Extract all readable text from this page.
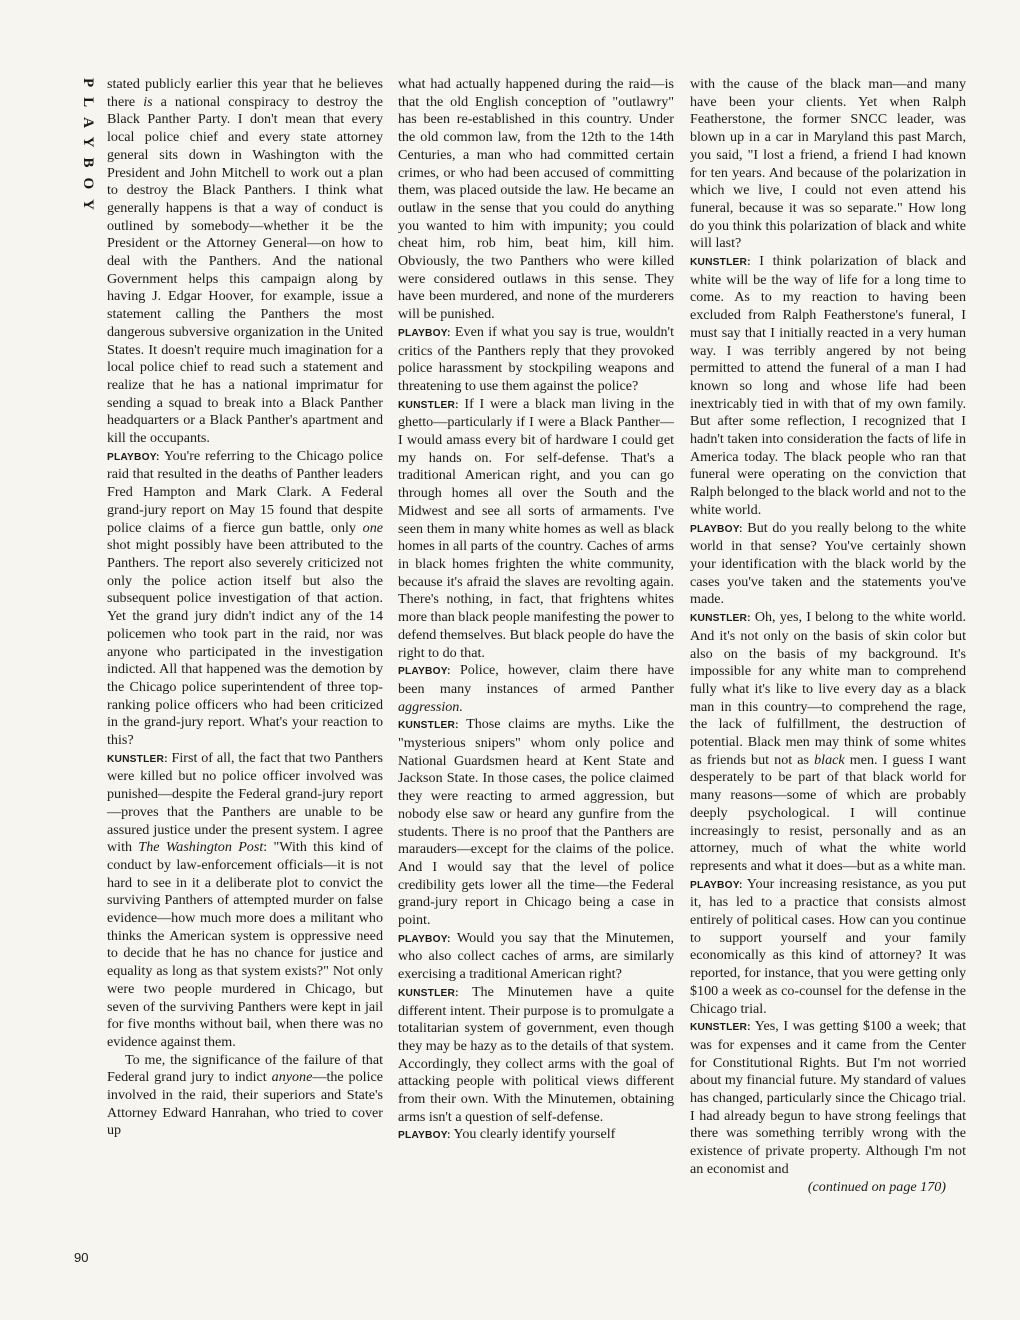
PLAYBOY stated publicly earlier this year that he believes there is a national conspiracy to destroy the Black Panther Party. I don't mean that every local police chief and every state attorney general sits down in Washington with the President and John Mitchell to work out a plan to destroy the Black Panthers. I think what generally happens is that a way of conduct is outlined by somebody—whether it be the President or the Attorney General—on how to deal with the Panthers. And the national Government helps this campaign along by having J. Edgar Hoover, for example, issue a statement calling the Panthers the most dangerous subversive organization in the United States. It doesn't require much imagination for a local police chief to read such a statement and realize that he has a national imprimatur for sending a squad to break into a Black Panther headquarters or a Black Panther's apartment and kill the occupants.

PLAYBOY: You're referring to the Chicago police raid that resulted in the deaths of Panther leaders Fred Hampton and Mark Clark. A Federal grand-jury report on May 15 found that despite police claims of a fierce gun battle, only one shot might possibly have been attributed to the Panthers. The report also severely criticized not only the police action itself but also the subsequent police investigation of that action. Yet the grand jury didn't indict any of the 14 policemen who took part in the raid, nor was anyone who participated in the investigation indicted. All that happened was the demotion by the Chicago police superintendent of three top-ranking police officers who had been criticized in the grand-jury report. What's your reaction to this?

KUNSTLER: First of all, the fact that two Panthers were killed but no police officer involved was punished—despite the Federal grand-jury report—proves that the Panthers are unable to be assured justice under the present system. I agree with The Washington Post: "With this kind of conduct by law-enforcement officials—it is not hard to see in it a deliberate plot to convict the surviving Panthers of attempted murder on false evidence—how much more does a militant who thinks the American system is oppressive need to decide that he has no chance for justice and equality as long as that system exists?" Not only were two people murdered in Chicago, but seven of the surviving Panthers were kept in jail for five months without bail, when there was no evidence against them.

To me, the significance of the failure of that Federal grand jury to indict anyone—the police involved in the raid, their superiors and State's Attorney Edward Hanrahan, who tried to cover up

what had actually happened during the raid—is that the old English conception of "outlawry" has been re-established in this country. Under the old common law, from the 12th to the 14th Centuries, a man who had committed certain crimes, or who had been accused of committing them, was placed outside the law. He became an outlaw in the sense that you could do anything you wanted to him with impunity; you could cheat him, rob him, beat him, kill him. Obviously, the two Panthers who were killed were considered outlaws in this sense. They have been murdered, and none of the murderers will be punished.

PLAYBOY: Even if what you say is true, wouldn't critics of the Panthers reply that they provoked police harassment by stockpiling weapons and threatening to use them against the police?

KUNSTLER: If I were a black man living in the ghetto—particularly if I were a Black Panther—I would amass every bit of hardware I could get my hands on. For self-defense. That's a traditional American right, and you can go through homes all over the South and the Midwest and see all sorts of armaments. I've seen them in many white homes as well as black homes in all parts of the country. Caches of arms in black homes frighten the white community, because it's afraid the slaves are revolting again. There's nothing, in fact, that frightens whites more than black people manifesting the power to defend themselves. But black people do have the right to do that.

PLAYBOY: Police, however, claim there have been many instances of armed Panther aggression.

KUNSTLER: Those claims are myths. Like the "mysterious snipers" whom only police and National Guardsmen heard at Kent State and Jackson State. In those cases, the police claimed they were reacting to armed aggression, but nobody else saw or heard any gunfire from the students. There is no proof that the Panthers are marauders—except for the claims of the police. And I would say that the level of police credibility gets lower all the time—the Federal grand-jury report in Chicago being a case in point.

PLAYBOY: Would you say that the Minutemen, who also collect caches of arms, are similarly exercising a traditional American right?

KUNSTLER: The Minutemen have a quite different intent. Their purpose is to promulgate a totalitarian system of government, even though they may be hazy as to the details of that system. Accordingly, they collect arms with the goal of attacking people with political views different from their own. With the Minutemen, obtaining arms isn't a question of self-defense.

PLAYBOY: You clearly identify yourself

with the cause of the black man—and many have been your clients. Yet when Ralph Featherstone, the former SNCC leader, was blown up in a car in Maryland this past March, you said, "I lost a friend, a friend I had known for ten years. And because of the polarization in which we live, I could not even attend his funeral, because it was so separate." How long do you think this polarization of black and white will last?

KUNSTLER: I think polarization of black and white will be the way of life for a long time to come. As to my reaction to having been excluded from Ralph Featherstone's funeral, I must say that I initially reacted in a very human way. I was terribly angered by not being permitted to attend the funeral of a man I had known so long and whose life had been inextricably tied in with that of my own family. But after some reflection, I recognized that I hadn't taken into consideration the facts of life in America today. The black people who ran that funeral were operating on the conviction that Ralph belonged to the black world and not to the white world.

PLAYBOY: But do you really belong to the white world in that sense? You've certainly shown your identification with the black world by the cases you've taken and the statements you've made.

KUNSTLER: Oh, yes, I belong to the white world. And it's not only on the basis of skin color but also on the basis of my background. It's impossible for any white man to comprehend fully what it's like to live every day as a black man in this country—to comprehend the rage, the lack of fulfillment, the destruction of potential. Black men may think of some whites as friends but not as black men. I guess I want desperately to be part of that black world for many reasons—some of which are probably deeply psychological. I will continue increasingly to resist, personally and as an attorney, much of what the white world represents and what it does—but as a white man.

PLAYBOY: Your increasing resistance, as you put it, has led to a practice that consists almost entirely of political cases. How can you continue to support yourself and your family economically as this kind of attorney? It was reported, for instance, that you were getting only $100 a week as co-counsel for the defense in the Chicago trial.

KUNSTLER: Yes, I was getting $100 a week; that was for expenses and it came from the Center for Constitutional Rights. But I'm not worried about my financial future. My standard of values has changed, particularly since the Chicago trial. I had already begun to have strong feelings that there was something terribly wrong with the existence of private property. Although I'm not an economist and

(continued on page 170)

90
